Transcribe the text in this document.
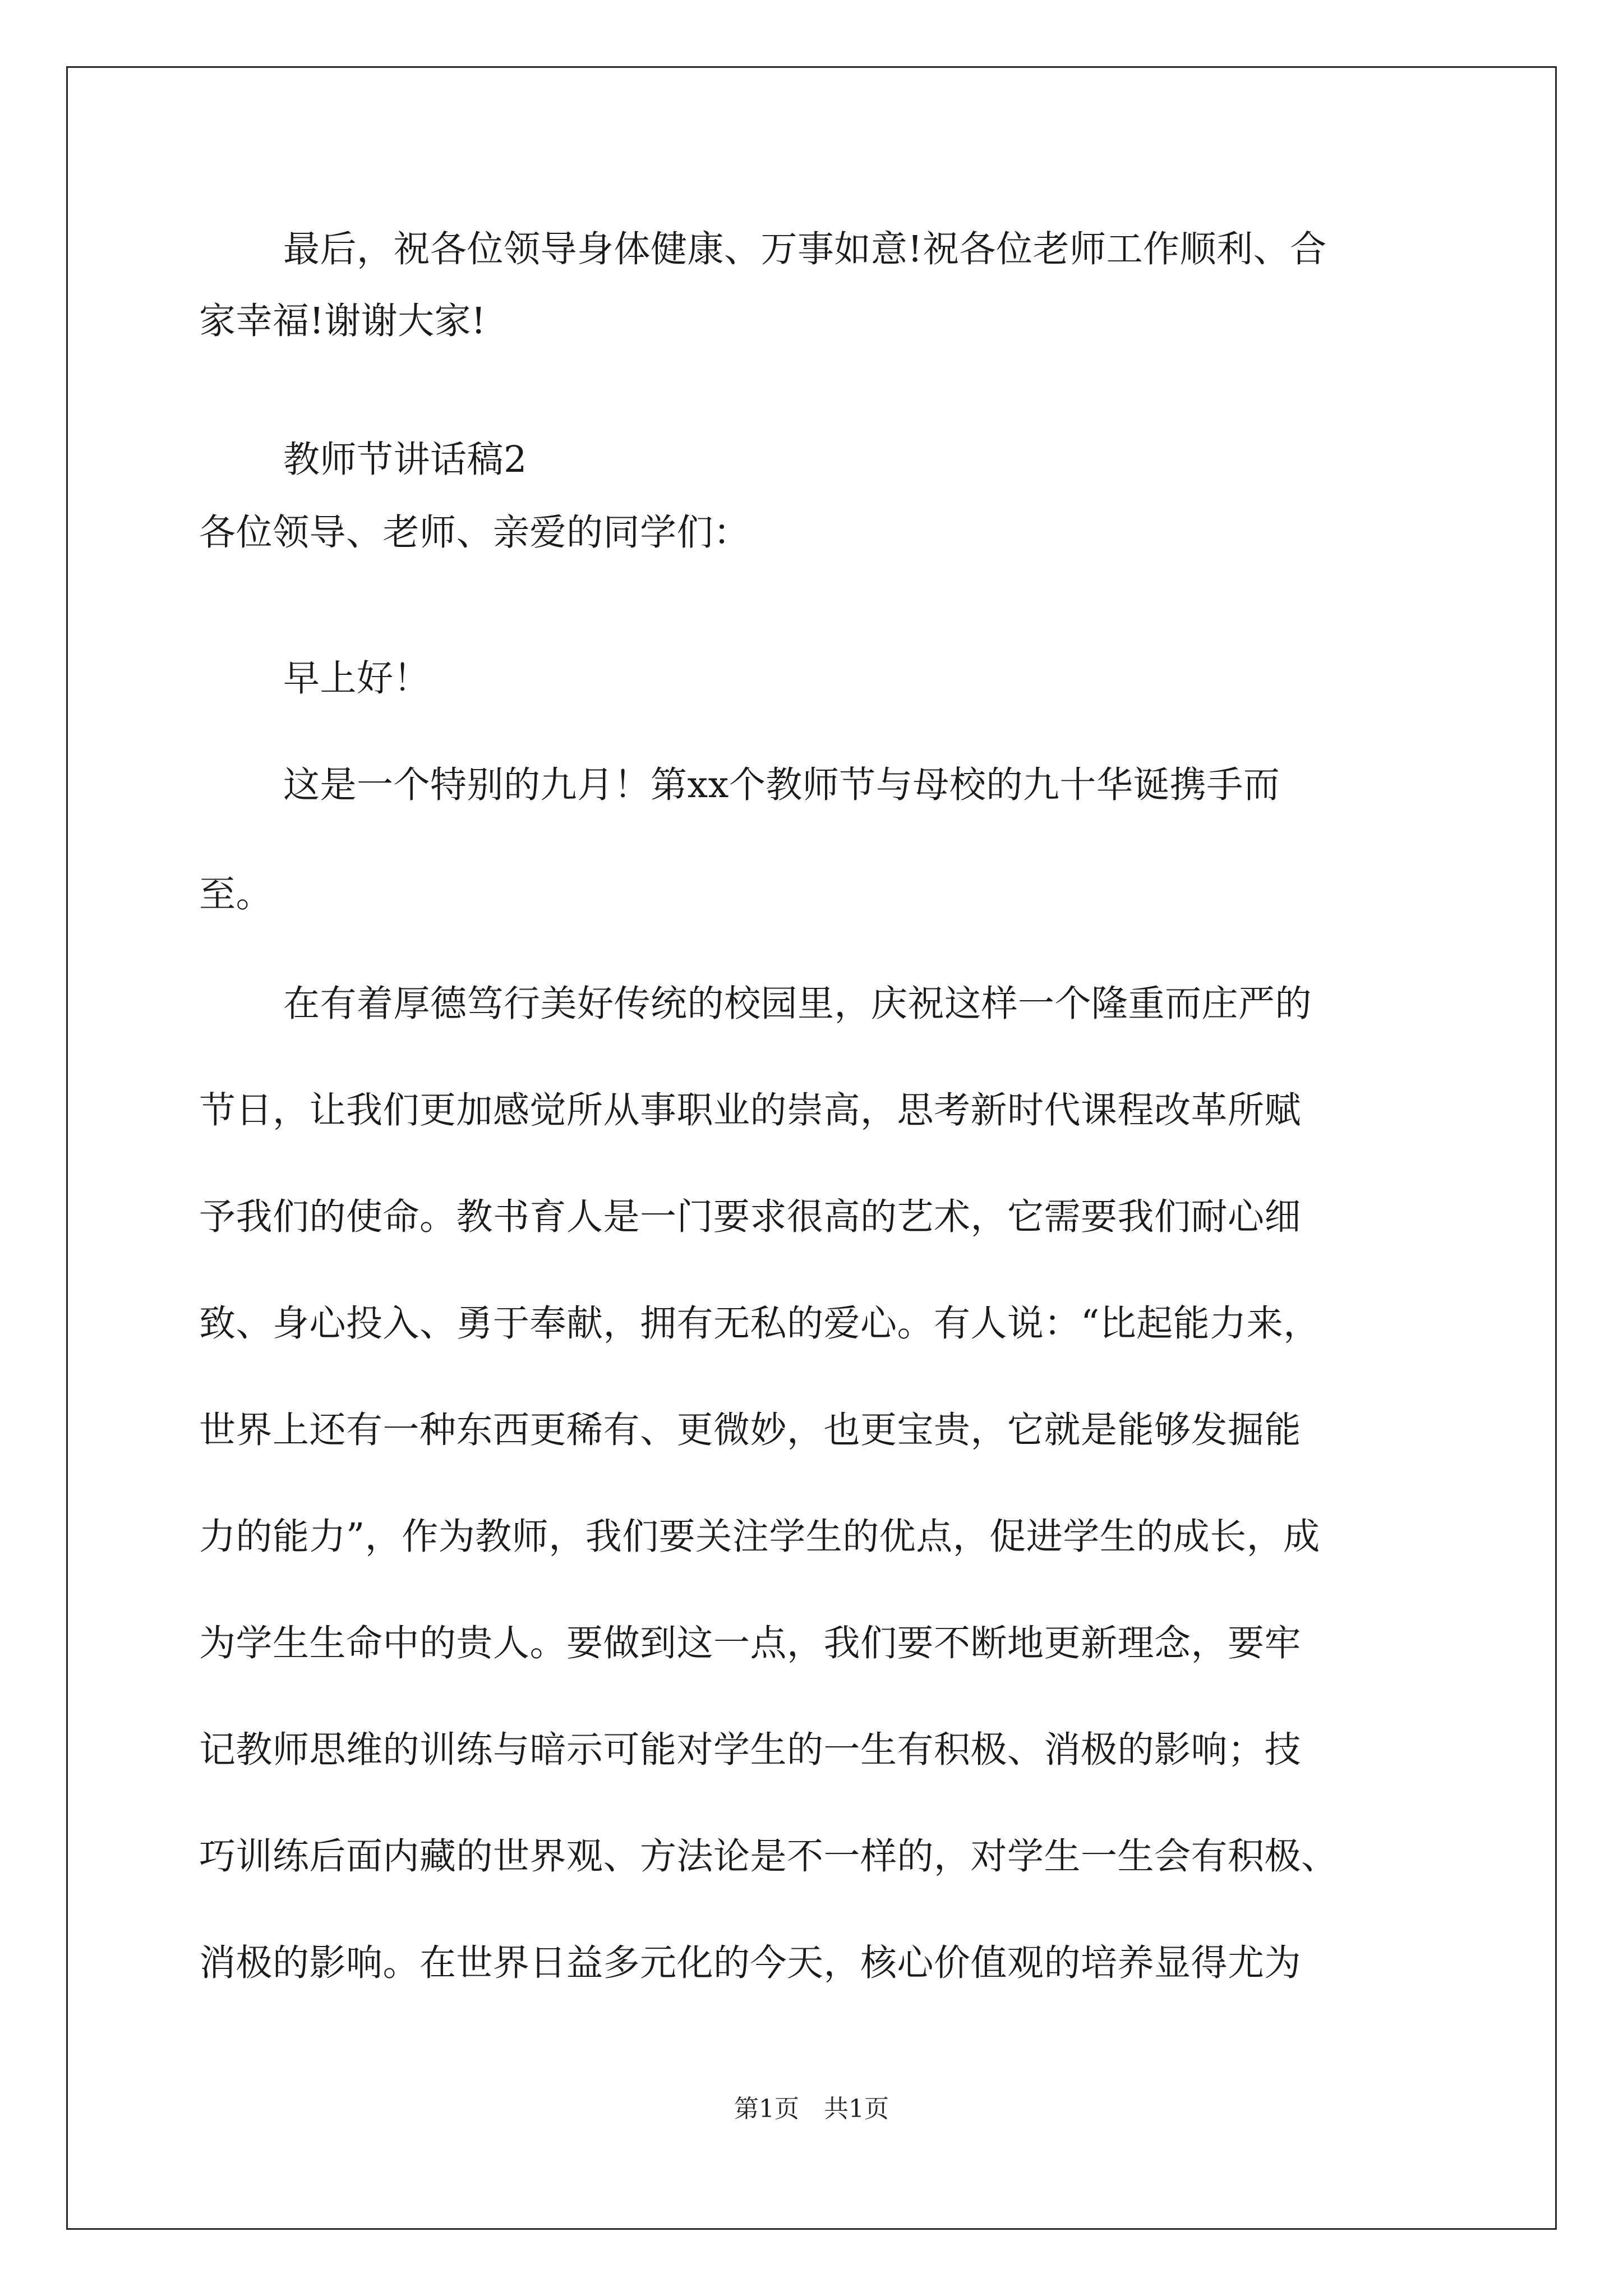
最后，祝各位领导身体健康、万事如意!祝各位老师工作顺利、合
家幸福!谢谢大家!
教师节讲话稿2
各位领导、老师、亲爱的同学们：
早上好！
这是一个特别的九月！第xx个教师节与母校的九十华诞携手而
至。
在有着厚德笃行美好传统的校园里，庆祝这样一个隆重而庄严的
节日，让我们更加感觉所从事职业的崇高，思考新时代课程改革所赋
予我们的使命。教书育人是一门要求很高的艺术，它需要我们耐心细
致、身心投入、勇于奉献，拥有无私的爱心。有人说：“比起能力来，
世界上还有一种东西更稀有、更微妙，也更宝贵，它就是能够发掘能
力的能力”，作为教师，我们要关注学生的优点，促进学生的成长，成
为学生生命中的贵人。要做到这一点，我们要不断地更新理念，要牢
记教师思维的训练与暗示可能对学生的一生有积极、消极的影响；技
巧训练后面内藏的世界观、方法论是不一样的，对学生一生会有积极、
消极的影响。在世界日益多元化的今天，核心价值观的培养显得尤为
第1页　共1页
